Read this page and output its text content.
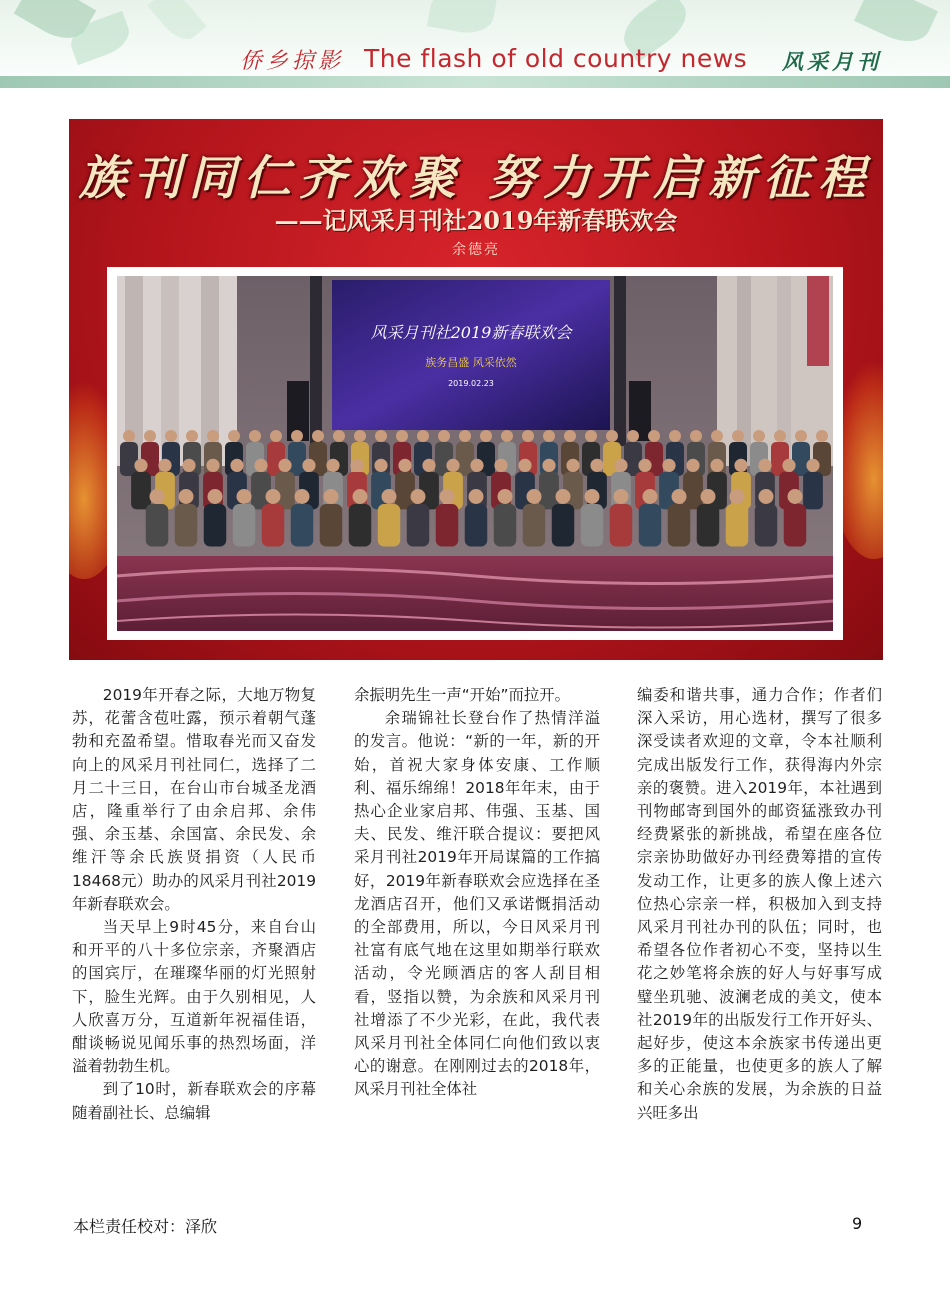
侨乡掠影 The flash of old country news 风采月刊
族刊同仁齐欢聚 努力开启新征程
——记风采月刊社2019年新春联欢会
余德亮
风采月刊社2019新春联欢会
族务昌盛 风采依然
2019.02.23

2019年开春之际，大地万物复苏，花蕾含苞吐露，预示着朝气蓬勃和充盈希望。惜取春光而又奋发向上的风采月刊社同仁，选择了二月二十三日，在台山市台城圣龙酒店，隆重举行了由余启邦、余伟强、余玉基、余国富、余民发、余维汗等余氏族贤捐资（人民币18468元）助办的风采月刊社2019年新春联欢会。

当天早上9时45分，来自台山和开平的八十多位宗亲，齐聚酒店的国宾厅，在璀璨华丽的灯光照射下，脸生光辉。由于久别相见，人人欣喜万分，互道新年祝福佳语，酣谈畅说见闻乐事的热烈场面，洋溢着勃勃生机。

到了10时，新春联欢会的序幕随着副社长、总编辑

余振明先生一声“开始”而拉开。

余瑞锦社长登台作了热情洋溢的发言。他说：“新的一年，新的开始，首祝大家身体安康、工作顺利、福乐绵绵！2018年年末，由于热心企业家启邦、伟强、玉基、国夫、民发、维汗联合提议：要把风采月刊社2019年开局谋篇的工作搞好，2019年新春联欢会应选择在圣龙酒店召开，他们又承诺慨捐活动的全部费用，所以，今日风采月刊社富有底气地在这里如期举行联欢活动，令光顾酒店的客人刮目相看，竖指以赞，为余族和风采月刊社增添了不少光彩，在此，我代表风采月刊社全体同仁向他们致以衷心的谢意。在刚刚过去的2018年，风采月刊社全体社

编委和谐共事，通力合作；作者们深入采访，用心选材，撰写了很多深受读者欢迎的文章，令本社顺利完成出版发行工作，获得海内外宗亲的褒赞。进入2019年，本社遇到刊物邮寄到国外的邮资猛涨致办刊经费紧张的新挑战，希望在座各位宗亲协助做好办刊经费筹措的宣传发动工作，让更多的族人像上述六位热心宗亲一样，积极加入到支持风采月刊社办刊的队伍；同时，也希望各位作者初心不变，坚持以生花之妙笔将余族的好人与好事写成璧坐玑驰、波澜老成的美文，使本社2019年的出版发行工作开好头、起好步，使这本余族家书传递出更多的正能量，也使更多的族人了解和关心余族的发展，为余族的日益兴旺多出

本栏责任校对：泽欣	9
